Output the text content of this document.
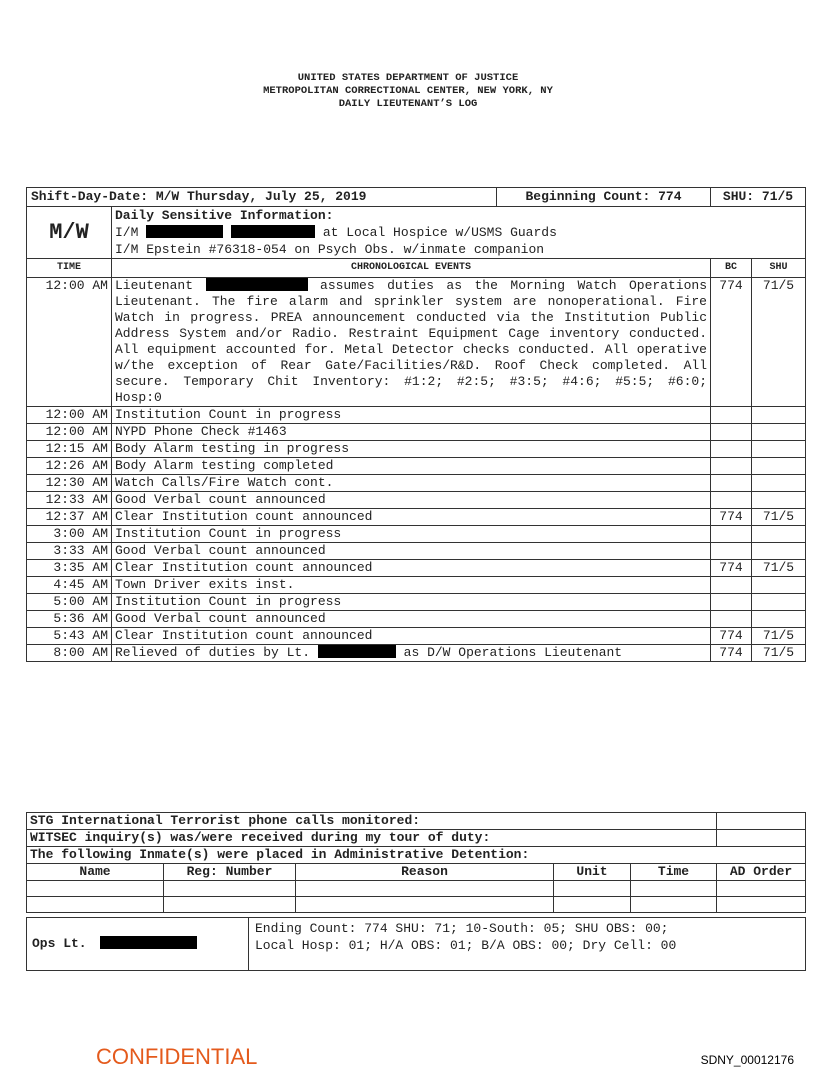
UNITED STATES DEPARTMENT OF JUSTICE
METROPOLITAN CORRECTIONAL CENTER, NEW YORK, NY
DAILY LIEUTENANT’S LOG
Shift-Day-Date: M/W Thursday, July 25, 2019		Beginning Count: 774	SHU: 71/5	
M/W	Daily Sensitive Information:
I/M at Local Hospice w/USMS Guards
I/M Epstein #76318-054 on Psych Obs. w/inmate companion			

TIME	CHRONOLOGICAL EVENTS		BC	SHU
12:00 AM	Lieutenant assumes duties as the Morning Watch Operations Lieutenant. The fire alarm and sprinkler system are nonoperational. Fire Watch in progress. PREA announcement conducted via the Institution Public Address System and/or Radio. Restraint Equipment Cage inventory conducted. All equipment accounted for. Metal Detector checks conducted. All operative w/the exception of Rear Gate/Facilities/R&D. Roof Check completed. All secure. Temporary Chit Inventory: #1:2; #2:5; #3:5; #4:6; #5:5; #6:0; Hosp:0		774	71/5
12:00 AM	Institution Count in progress			
12:00 AM	NYPD Phone Check #1463			
12:15 AM	Body Alarm testing in progress			
12:26 AM	Body Alarm testing completed			
12:30 AM	Watch Calls/Fire Watch cont.			
12:33 AM	Good Verbal count announced			
12:37 AM	Clear Institution count announced		774	71/5
3:00 AM	Institution Count in progress			
3:33 AM	Good Verbal count announced			
3:35 AM	Clear Institution count announced		774	71/5
4:45 AM	Town Driver exits inst.			
5:00 AM	Institution Count in progress			
5:36 AM	Good Verbal count announced			
5:43 AM	Clear Institution count announced		774	71/5
8:00 AM	Relieved of duties by Lt. as D/W Operations Lieutenant		774	71/5
STG International Terrorist phone calls monitored:					
WITSEC inquiry(s) was/were received during my tour of duty:					
The following Inmate(s) were placed in Administrative Detention:					
Name	Reg: Number	Reason	Unit	Time	AD Order

Ops Lt.	
Ending Count: 774 SHU: 71; 10-South: 05; SHU OBS: 00;
Local Hosp: 01; H/A OBS: 01; B/A OBS: 00; Dry Cell: 00
CONFIDENTIAL	SDNY_00012176
